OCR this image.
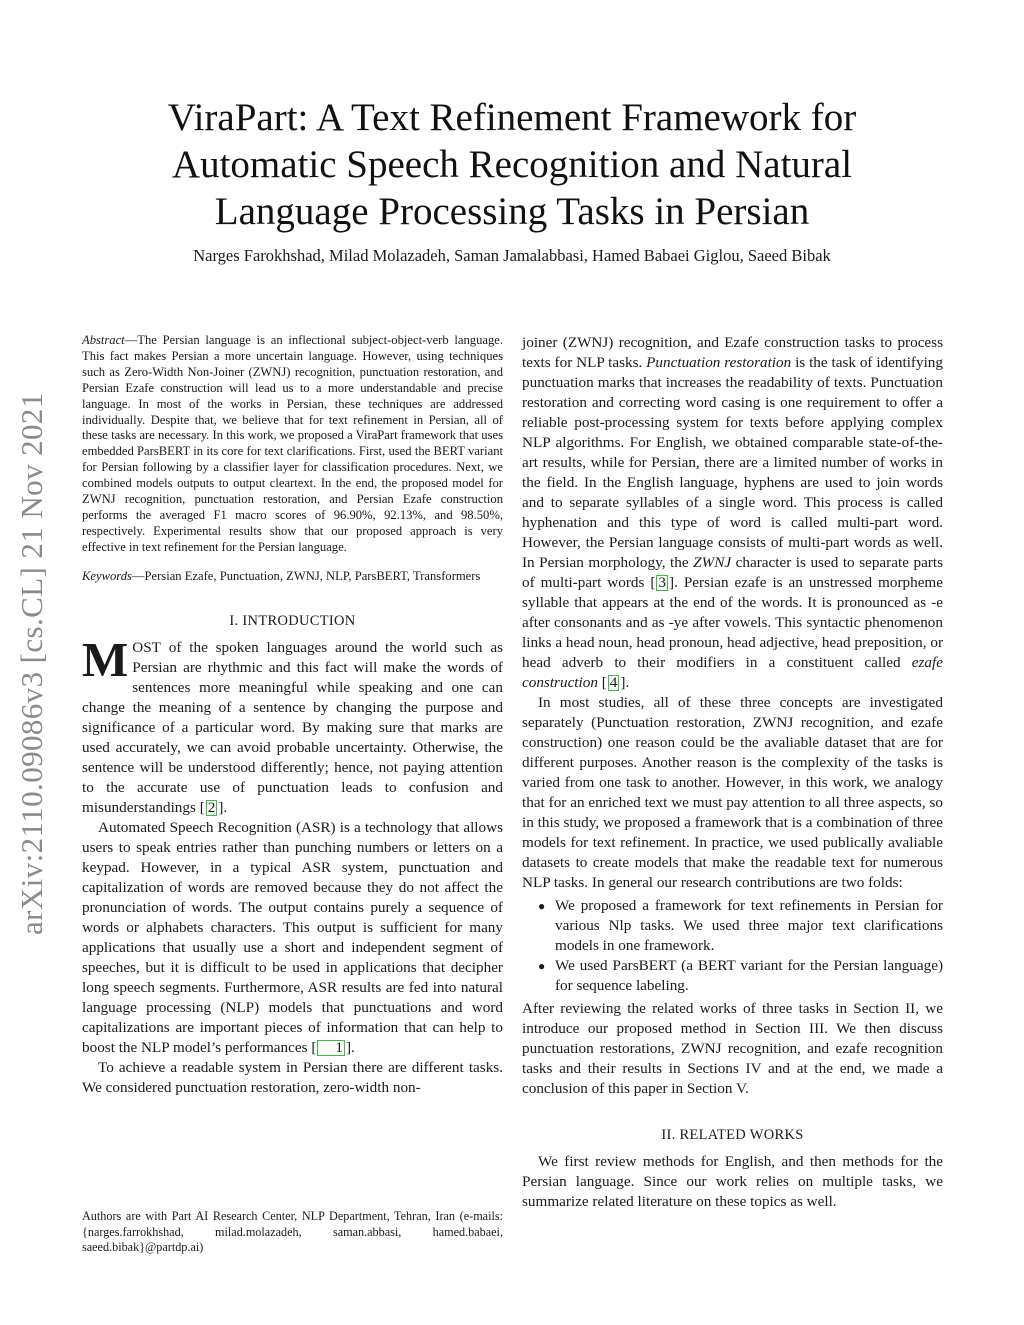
arXiv:2110.09086v3 [cs.CL] 21 Nov 2021
ViraPart: A Text Refinement Framework for Automatic Speech Recognition and Natural Language Processing Tasks in Persian
Narges Farokhshad, Milad Molazadeh, Saman Jamalabbasi, Hamed Babaei Giglou, Saeed Bibak

Abstract—The Persian language is an inflectional subject-object-verb language. This fact makes Persian a more uncertain language. However, using techniques such as Zero-Width Non-Joiner (ZWNJ) recognition, punctuation restoration, and Persian Ezafe construction will lead us to a more understandable and precise language. In most of the works in Persian, these techniques are addressed individually. Despite that, we believe that for text refinement in Persian, all of these tasks are necessary. In this work, we proposed a ViraPart framework that uses embedded ParsBERT in its core for text clarifications. First, used the BERT variant for Persian following by a classifier layer for classification procedures. Next, we combined models outputs to output cleartext. In the end, the proposed model for ZWNJ recognition, punctuation restoration, and Persian Ezafe construction performs the averaged F1 macro scores of 96.90%, 92.13%, and 98.50%, respectively. Experimental results show that our proposed approach is very effective in text refinement for the Persian language.

Keywords—Persian Ezafe, Punctuation, ZWNJ, NLP, ParsBERT, Transformers

I. INTRODUCTION

MOST of the spoken languages around the world such as Persian are rhythmic and this fact will make the words of sentences more meaningful while speaking and one can change the meaning of a sentence by changing the purpose and significance of a particular word. By making sure that marks are used accurately, we can avoid probable uncertainty. Otherwise, the sentence will be understood differently; hence, not paying attention to the accurate use of punctuation leads to confusion and misunderstandings [ 2 ].

Automated Speech Recognition (ASR) is a technology that allows users to speak entries rather than punching numbers or letters on a keypad. However, in a typical ASR system, punctuation and capitalization of words are removed because they do not affect the pronunciation of words. The output contains purely a sequence of words or alphabets characters. This output is sufficient for many applications that usually use a short and independent segment of speeches, but it is difficult to be used in applications that decipher long speech segments. Furthermore, ASR results are fed into natural language processing (NLP) models that punctuations and word capitalizations are important pieces of information that can help to boost the NLP model’s performances [ 1 ].

To achieve a readable system in Persian there are different tasks. We considered punctuation restoration, zero-width non-

Authors are with Part AI Research Center, NLP Department, Tehran, Iran (e-mails:{narges.farrokhshad, milad.molazadeh, saman.abbasi, hamed.babaei, saeed.bibak}@partdp.ai)

joiner (ZWNJ) recognition, and Ezafe construction tasks to process texts for NLP tasks. Punctuation restoration is the task of identifying punctuation marks that increases the readability of texts. Punctuation restoration and correcting word casing is one requirement to offer a reliable post-processing system for texts before applying complex NLP algorithms. For English, we obtained comparable state-of-the-art results, while for Persian, there are a limited number of works in the field. In the English language, hyphens are used to join words and to separate syllables of a single word. This process is called hyphenation and this type of word is called multi-part word. However, the Persian language consists of multi-part words as well. In Persian morphology, the ZWNJ character is used to separate parts of multi-part words [ 3 ]. Persian ezafe is an unstressed morpheme syllable that appears at the end of the words. It is pronounced as -e after consonants and as -ye after vowels. This syntactic phenomenon links a head noun, head pronoun, head adjective, head preposition, or head adverb to their modifiers in a constituent called ezafe construction [ 4 ].

In most studies, all of these three concepts are investigated separately (Punctuation restoration, ZWNJ recognition, and ezafe construction) one reason could be the avaliable dataset that are for different purposes. Another reason is the complexity of the tasks is varied from one task to another. However, in this work, we analogy that for an enriched text we must pay attention to all three aspects, so in this study, we proposed a framework that is a combination of three models for text refinement. In practice, we used publically avaliable datasets to create models that make the readable text for numerous NLP tasks. In general our research contributions are two folds:

● We proposed a framework for text refinements in Persian for various Nlp tasks. We used three major text clarifications models in one framework.
● We used ParsBERT (a BERT variant for the Persian language) for sequence labeling.

After reviewing the related works of three tasks in Section II, we introduce our proposed method in Section III. We then discuss punctuation restorations, ZWNJ recognition, and ezafe recognition tasks and their results in Sections IV and at the end, we made a conclusion of this paper in Section V.

II. RELATED WORKS

We first review methods for English, and then methods for the Persian language. Since our work relies on multiple tasks, we summarize related literature on these topics as well.
